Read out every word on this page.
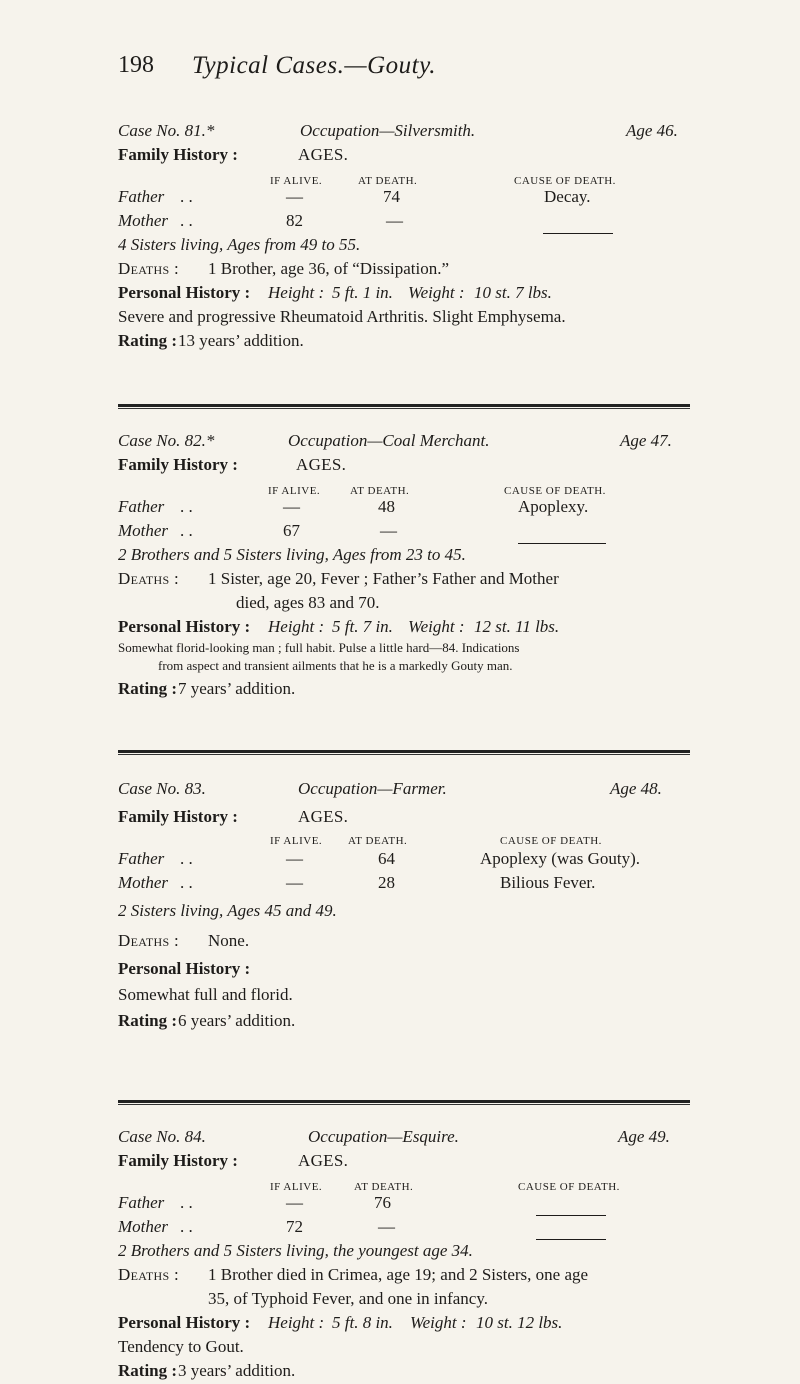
198 Typical Cases.—Gouty.
Case No. 81.*	Occupation—Silversmith.	Age 46.
Family History :	AGES.
IF ALIVE.	AT DEATH.	CAUSE OF DEATH.
Father . .	—	74	Decay.
Mother . .	82	—
4 Sisters living, Ages from 49 to 55.
Deaths : 1 Brother, age 36, of “Dissipation.”
Personal History : Height : 5 ft. 1 in. Weight : 10 st. 7 lbs.
Severe and progressive Rheumatoid Arthritis. Slight Emphysema.
Rating : 13 years’ addition.
Case No. 82.*	Occupation—Coal Merchant.	Age 47.
Family History :	AGES.
IF ALIVE.	AT DEATH.	CAUSE OF DEATH.
Father . .	—	48	Apoplexy.
Mother . .	67	—
2 Brothers and 5 Sisters living, Ages from 23 to 45.
Deaths : 1 Sister, age 20, Fever ; Father’s Father and Mother
died, ages 83 and 70.
Personal History : Height : 5 ft. 7 in. Weight : 12 st. 11 lbs.
Somewhat florid-looking man ; full habit. Pulse a little hard—84. Indications
from aspect and transient ailments that he is a markedly Gouty man.
Rating : 7 years’ addition.
Case No. 83.	Occupation—Farmer.	Age 48.
Family History :	AGES.
IF ALIVE. AT DEATH.	CAUSE OF DEATH.
Father . .	—	64	Apoplexy (was Gouty).
Mother . .	—	28	Bilious Fever.
2 Sisters living, Ages 45 and 49.
Deaths : None.
Personal History :
Somewhat full and florid.
Rating : 6 years’ addition.
Case No. 84.	Occupation—Esquire.	Age 49.
Family History :	AGES.
IF ALIVE.	AT DEATH.	CAUSE OF DEATH.
Father . .	—	76
Mother . .	72	—
2 Brothers and 5 Sisters living, the youngest age 34.
Deaths : 1 Brother died in Crimea, age 19; and 2 Sisters, one age
35, of Typhoid Fever, and one in infancy.
Personal History : Height : 5 ft. 8 in. Weight : 10 st. 12 lbs.
Tendency to Gout.
Rating : 3 years’ addition.
